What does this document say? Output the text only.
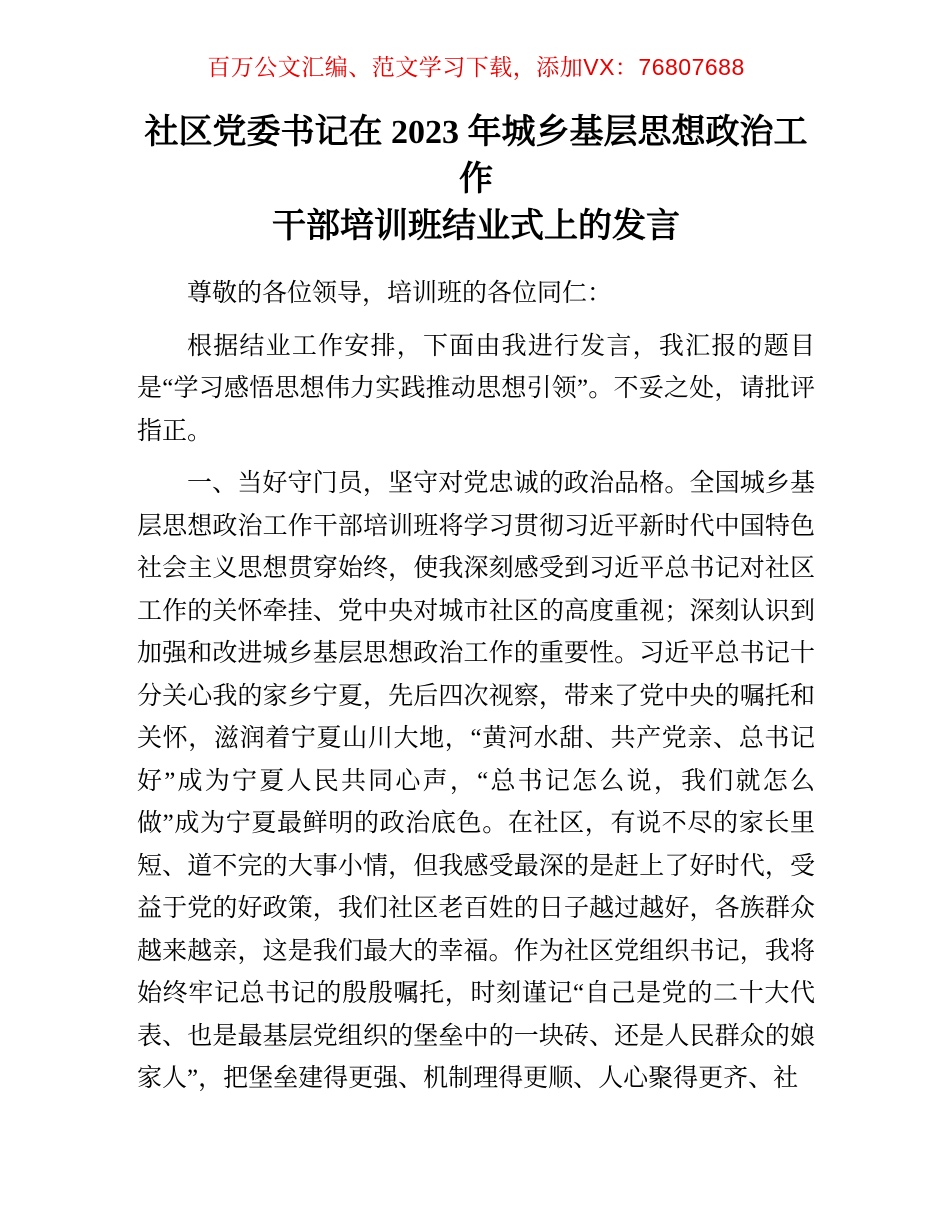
百万公文汇编、范文学习下载，添加VX：76807688
社区党委书记在 2023 年城乡基层思想政治工作
干部培训班结业式上的发言

尊敬的各位领导，培训班的各位同仁：

根据结业工作安排，下面由我进行发言，我汇报的题目是“学习感悟思想伟力实践推动思想引领”。不妥之处，请批评指正。

一、当好守门员，坚守对党忠诚的政治品格。全国城乡基层思想政治工作干部培训班将学习贯彻习近平新时代中国特色社会主义思想贯穿始终，使我深刻感受到习近平总书记对社区工作的关怀牵挂、党中央对城市社区的高度重视；深刻认识到加强和改进城乡基层思想政治工作的重要性。习近平总书记十分关心我的家乡宁夏，先后四次视察，带来了党中央的嘱托和关怀，滋润着宁夏山川大地，“黄河水甜、共产党亲、总书记好”成为宁夏人民共同心声，“总书记怎么说，我们就怎么做”成为宁夏最鲜明的政治底色。在社区，有说不尽的家长里短、道不完的大事小情，但我感受最深的是赶上了好时代，受益于党的好政策，我们社区老百姓的日子越过越好，各族群众越来越亲，这是我们最大的幸福。作为社区党组织书记，我将始终牢记总书记的殷殷嘱托，时刻谨记“自己是党的二十大代表、也是最基层党组织的堡垒中的一块砖、还是人民群众的娘家人”，把堡垒建得更强、机制理得更顺、人心聚得更齐、社
